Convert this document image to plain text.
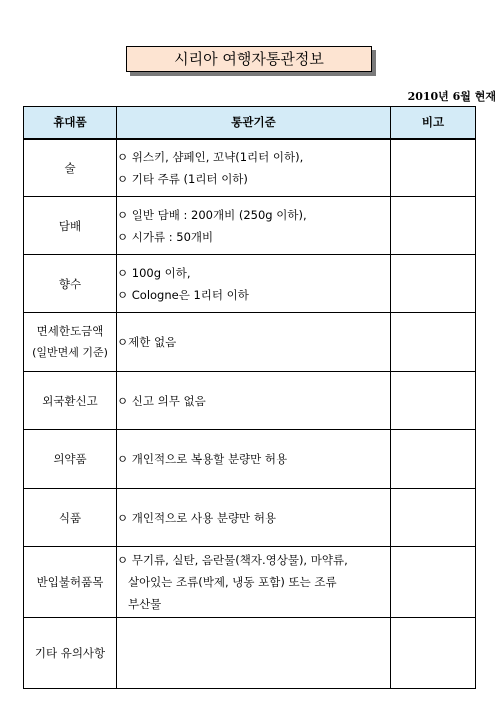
시리아 여행자통관정보
2010년 6월 현재
휴대품	통관기준	비고

술	ㅇ 위스키, 샴페인, 꼬냑(1리터 이하),
ㅇ 기타 주류 (1리터 이하)	

담배	ㅇ 일반 담배 : 200개비 (250g 이하),
ㅇ 시가류 : 50개비	

향수	ㅇ 100g 이하,
ㅇ Cologne은 1리터 이하	

면세한도금액
(일반면세 기준)	ㅇ제한 없음	

외국환신고	ㅇ 신고 의무 없음	

의약품	ㅇ 개인적으로 복용할 분량만 허용	

식품	ㅇ 개인적으로 사용 분량만 허용	

반입불허품목	ㅇ 무기류, 실탄, 음란물(책자.영상물), 마약류,
살아있는 조류(박제, 냉동 포함) 또는 조류
부산물	

기타 유의사항		
